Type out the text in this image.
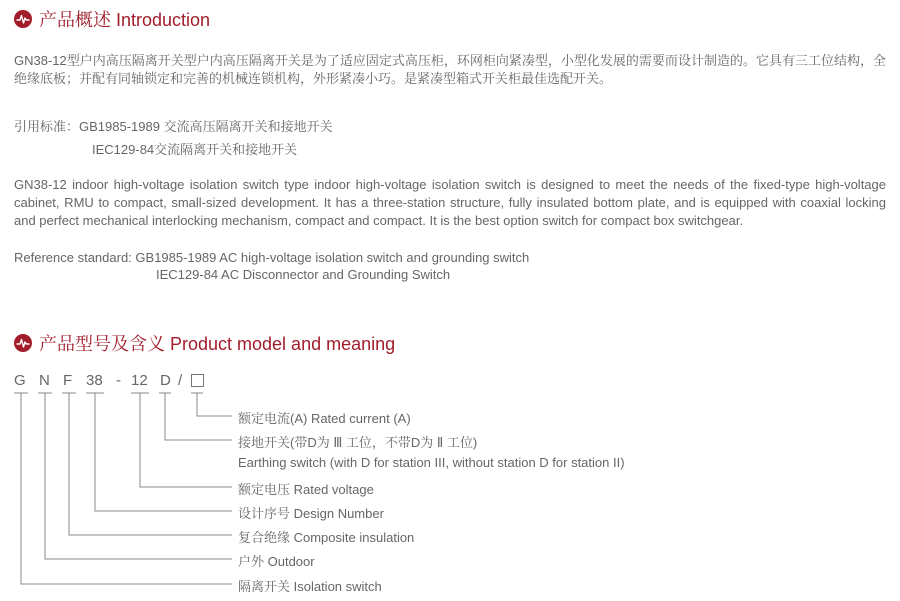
产品概述 Introduction

GN38-12型户内高压隔离开关型户内高压隔离开关是为了适应固定式高压柜，环网柜向紧凑型，小型化发展的需要而设计制造的。它具有三工位结构，全绝缘底板；并配有同轴锁定和完善的机械连锁机构，外形紧凑小巧。是紧凑型箱式开关柜最佳选配开关。

引用标准：GB1985-1989 交流高压隔离开关和接地开关
IEC129-84交流隔离开关和接地开关

GN38-12 indoor high-voltage isolation switch type indoor high-voltage isolation switch is designed to meet the needs of the fixed-type high-voltage cabinet, RMU to compact, small-sized development. It has a three-station structure, fully insulated bottom plate, and is equipped with coaxial locking and perfect mechanical interlocking mechanism, compact and compact. It is the best option switch for compact box switchgear.

Reference standard: GB1985-1989 AC high-voltage isolation switch and grounding switch
IEC129-84 AC Disconnector and Grounding Switch
产品型号及含义 Product model and meaning
G N F 38 - 12 D /
额定电流(A) Rated current (A)
接地开关(带D为 Ⅲ 工位，不带D为 Ⅱ 工位)
Earthing switch (with D for station III, without station D for station II)
额定电压 Rated voltage
设计序号 Design Number
复合绝缘 Composite insulation
户外 Outdoor
隔离开关 Isolation switch
